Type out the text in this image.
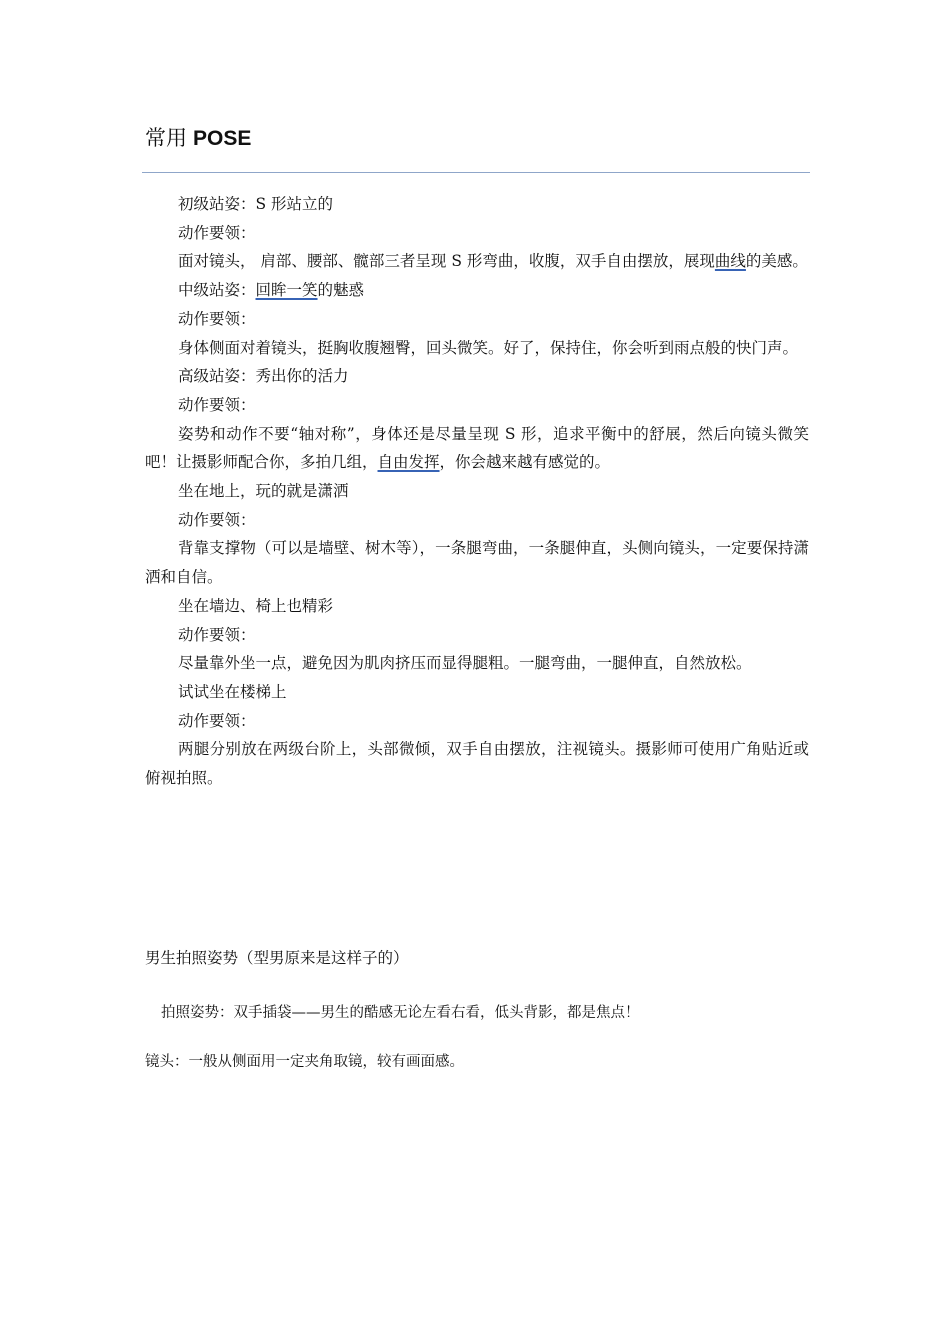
常用 POSE

初级站姿：S 形站立的

动作要领：

面对镜头， 肩部、腰部、髋部三者呈现 S 形弯曲，收腹，双手自由摆放，展现曲线的美感。

中级站姿：回眸一笑的魅惑

动作要领：

身体侧面对着镜头，挺胸收腹翘臀，回头微笑。好了，保持住，你会听到雨点般的快门声。

高级站姿：秀出你的活力

动作要领：

姿势和动作不要“轴对称”，身体还是尽量呈现 S 形，追求平衡中的舒展，然后向镜头微笑吧！让摄影师配合你，多拍几组，自由发挥，你会越来越有感觉的。

坐在地上，玩的就是潇洒

动作要领：

背靠支撑物（可以是墙壁、树木等），一条腿弯曲，一条腿伸直，头侧向镜头，一定要保持潇洒和自信。

坐在墙边、椅上也精彩

动作要领：

尽量靠外坐一点，避免因为肌肉挤压而显得腿粗。一腿弯曲，一腿伸直，自然放松。

试试坐在楼梯上

动作要领：

两腿分别放在两级台阶上，头部微倾，双手自由摆放，注视镜头。摄影师可使用广角贴近或俯视拍照。

男生拍照姿势（型男原来是这样子的）

拍照姿势：双手插袋——男生的酷感无论左看右看，低头背影，都是焦点！

镜头：一般从侧面用一定夹角取镜，较有画面感。
